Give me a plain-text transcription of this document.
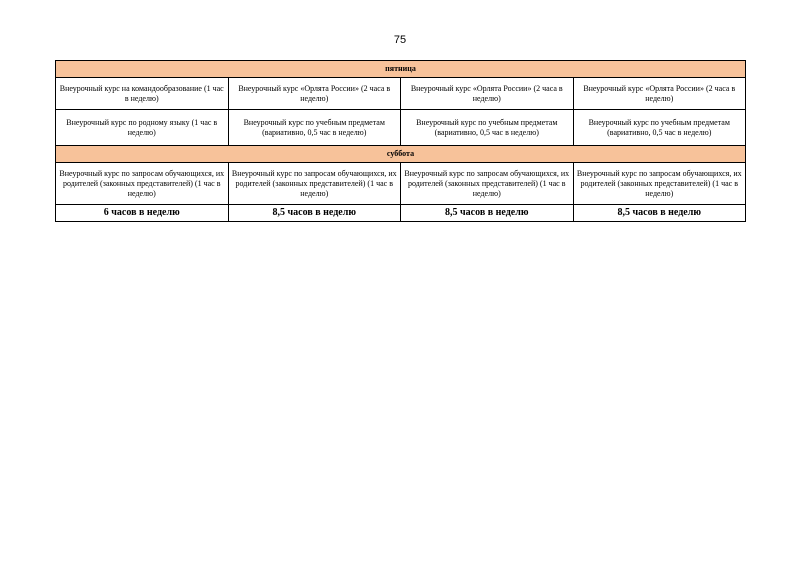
75
пятница			
Внеурочный курс на командообразование (1 час в неделю)	Внеурочный курс «Орлята России» (2 часа в неделю)	Внеурочный курс «Орлята России» (2 часа в неделю)	Внеурочный курс «Орлята России» (2 часа в неделю)
Внеурочный курс по родному языку (1 час в неделю)	Внеурочный курс по учебным предметам (вариативно, 0,5 час в неделю)	Внеурочный курс по учебным предметам (вариативно, 0,5 час в неделю)	Внеурочный курс по учебным предметам (вариативно, 0,5 час в неделю)
суббота			
Внеурочный курс по запросам обучающихся, их родителей (законных представителей) (1 час в неделю)	Внеурочный курс по запросам обучающихся, их родителей (законных представителей) (1 час в неделю)	Внеурочный курс по запросам обучающихся, их родителей (законных представителей) (1 час в неделю)	Внеурочный курс по запросам обучающихся, их родителей (законных представителей) (1 час в неделю)
6 часов в неделю	8,5 часов в неделю	8,5 часов в неделю	8,5 часов в неделю
